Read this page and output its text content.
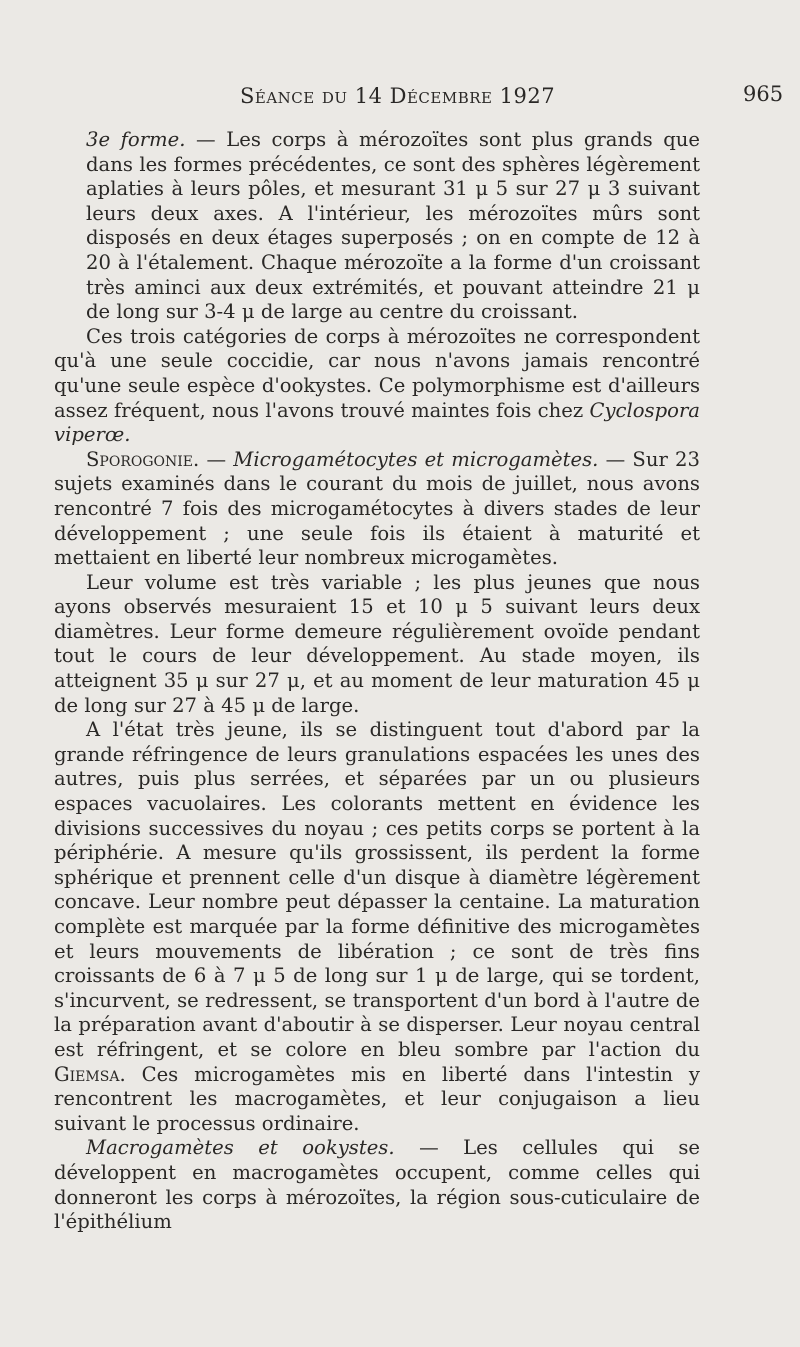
Séance du 14 Décembre 1927	965

3e forme. — Les corps à mérozoïtes sont plus grands que dans les formes précédentes, ce sont des sphères légèrement aplaties à leurs pôles, et mesurant 31 μ 5 sur 27 μ 3 suivant leurs deux axes. A l'intérieur, les mérozoïtes mûrs sont disposés en deux étages superposés ; on en compte de 12 à 20 à l'étalement. Chaque mérozoïte a la forme d'un croissant très aminci aux deux extrémités, et pouvant atteindre 21 μ de long sur 3-4 μ de large au centre du croissant.

Ces trois catégories de corps à mérozoïtes ne correspondent qu'à une seule coccidie, car nous n'avons jamais rencontré qu'une seule espèce d'ookystes. Ce polymorphisme est d'ailleurs assez fréquent, nous l'avons trouvé maintes fois chez Cyclospora viperœ.

Sporogonie. — Microgamétocytes et microgamètes. — Sur 23 sujets examinés dans le courant du mois de juillet, nous avons rencontré 7 fois des microgamétocytes à divers stades de leur développement ; une seule fois ils étaient à maturité et mettaient en liberté leur nombreux microgamètes.

Leur volume est très variable ; les plus jeunes que nous ayons observés mesuraient 15 et 10 μ 5 suivant leurs deux diamètres. Leur forme demeure régulièrement ovoïde pendant tout le cours de leur développement. Au stade moyen, ils atteignent 35 μ sur 27 μ, et au moment de leur maturation 45 μ de long sur 27 à 45 μ de large.

A l'état très jeune, ils se distinguent tout d'abord par la grande réfringence de leurs granulations espacées les unes des autres, puis plus serrées, et séparées par un ou plusieurs espaces vacuolaires. Les colorants mettent en évidence les divisions successives du noyau ; ces petits corps se portent à la périphérie. A mesure qu'ils grossissent, ils perdent la forme sphérique et prennent celle d'un disque à diamètre légèrement concave. Leur nombre peut dépasser la centaine. La maturation complète est marquée par la forme définitive des microgamètes et leurs mouvements de libération ; ce sont de très fins croissants de 6 à 7 μ 5 de long sur 1 μ de large, qui se tordent, s'incurvent, se redressent, se transportent d'un bord à l'autre de la préparation avant d'aboutir à se disperser. Leur noyau central est réfringent, et se colore en bleu sombre par l'action du Giemsa. Ces microgamètes mis en liberté dans l'intestin y rencontrent les macrogamètes, et leur conjugaison a lieu suivant le processus ordinaire.

Macrogamètes et ookystes. — Les cellules qui se développent en macrogamètes occupent, comme celles qui donneront les corps à mérozoïtes, la région sous-cuticulaire de l'épithélium
